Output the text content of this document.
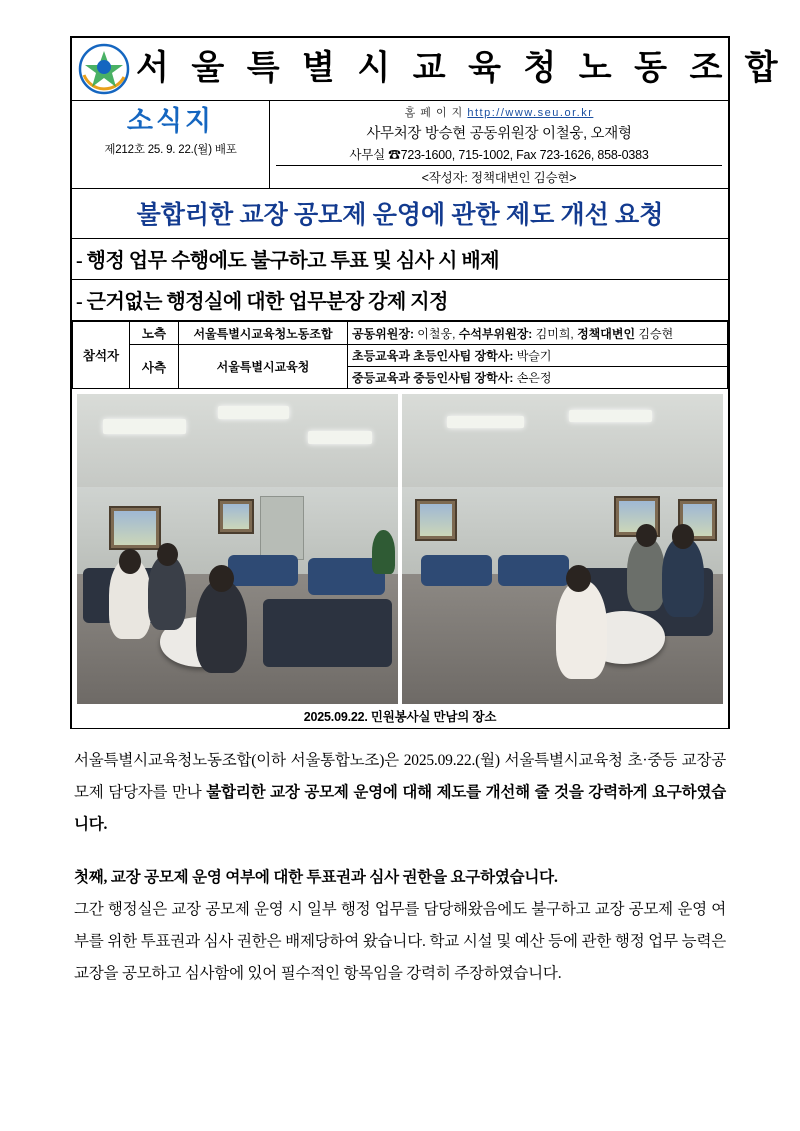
서 울 특 별 시 교 육 청 노 동 조 합
소식지
제212호 25. 9. 22.(월) 배포
홈 페 이 지 http://www.seu.or.kr
사무처장 방승현 공동위원장 이철웅, 오재형
사무실 ☎723-1600, 715-1002, Fax 723-1626, 858-0383
<작성자: 정책대변인 김승현>
불합리한 교장 공모제 운영에 관한 제도 개선 요청
- 행정 업무 수행에도 불구하고 투표 및 심사 시 배제
- 근거없는 행정실에 대한 업무분장 강제 지정
참석자	노측	서울특별시교육청노동조합	공동위원장: 이철웅, 수석부위원장: 김미희, 정책대변인 김승현
	사측	서울특별시교육청	초등교육과 초등인사팀 장학사: 박슬기
			중등교육과 중등인사팀 장학사: 손은정
2025.09.22. 민원봉사실 만남의 장소

서울특별시교육청노동조합(이하 서울통합노조)은 2025.09.22.(월) 서울특별시교육청 초·중등 교장공모제 담당자를 만나 불합리한 교장 공모제 운영에 대해 제도를 개선해 줄 것을 강력하게 요구하였습니다.

첫째, 교장 공모제 운영 여부에 대한 투표권과 심사 권한을 요구하였습니다.

그간 행정실은 교장 공모제 운영 시 일부 행정 업무를 담당해왔음에도 불구하고 교장 공모제 운영 여부를 위한 투표권과 심사 권한은 배제당하여 왔습니다. 학교 시설 및 예산 등에 관한 행정 업무 능력은 교장을 공모하고 심사함에 있어 필수적인 항목임을 강력히 주장하였습니다.
